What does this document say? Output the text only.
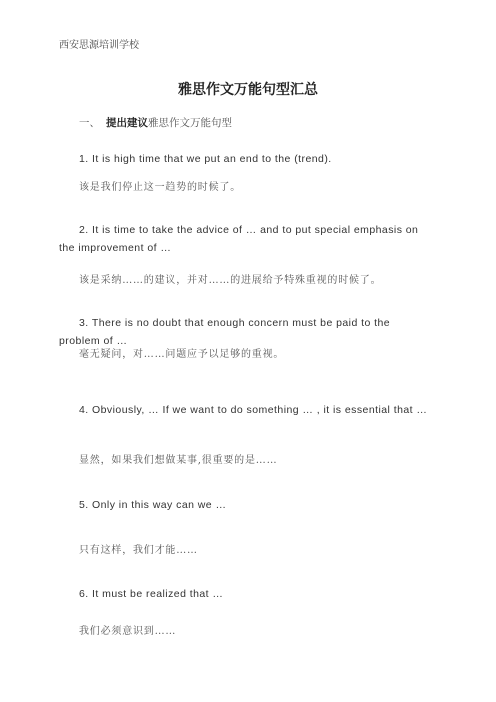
西安思源培训学校
雅思作文万能句型汇总
一、 提出建议雅思作文万能句型
1. It is high time that we put an end to the (trend).
该是我们停止这一趋势的时候了。
2. It is time to take the advice of … and to put special emphasis on the improvement of …
该是采纳……的建议，并对……的进展给予特殊重视的时候了。
3. There is no doubt that enough concern must be paid to the problem of …
毫无疑问，对……问题应予以足够的重视。
4. Obviously, … If we want to do something … , it is essential that …
显然，如果我们想做某事,很重要的是……
5. Only in this way can we …
只有这样，我们才能……
6. It must be realized that …
我们必须意识到……
